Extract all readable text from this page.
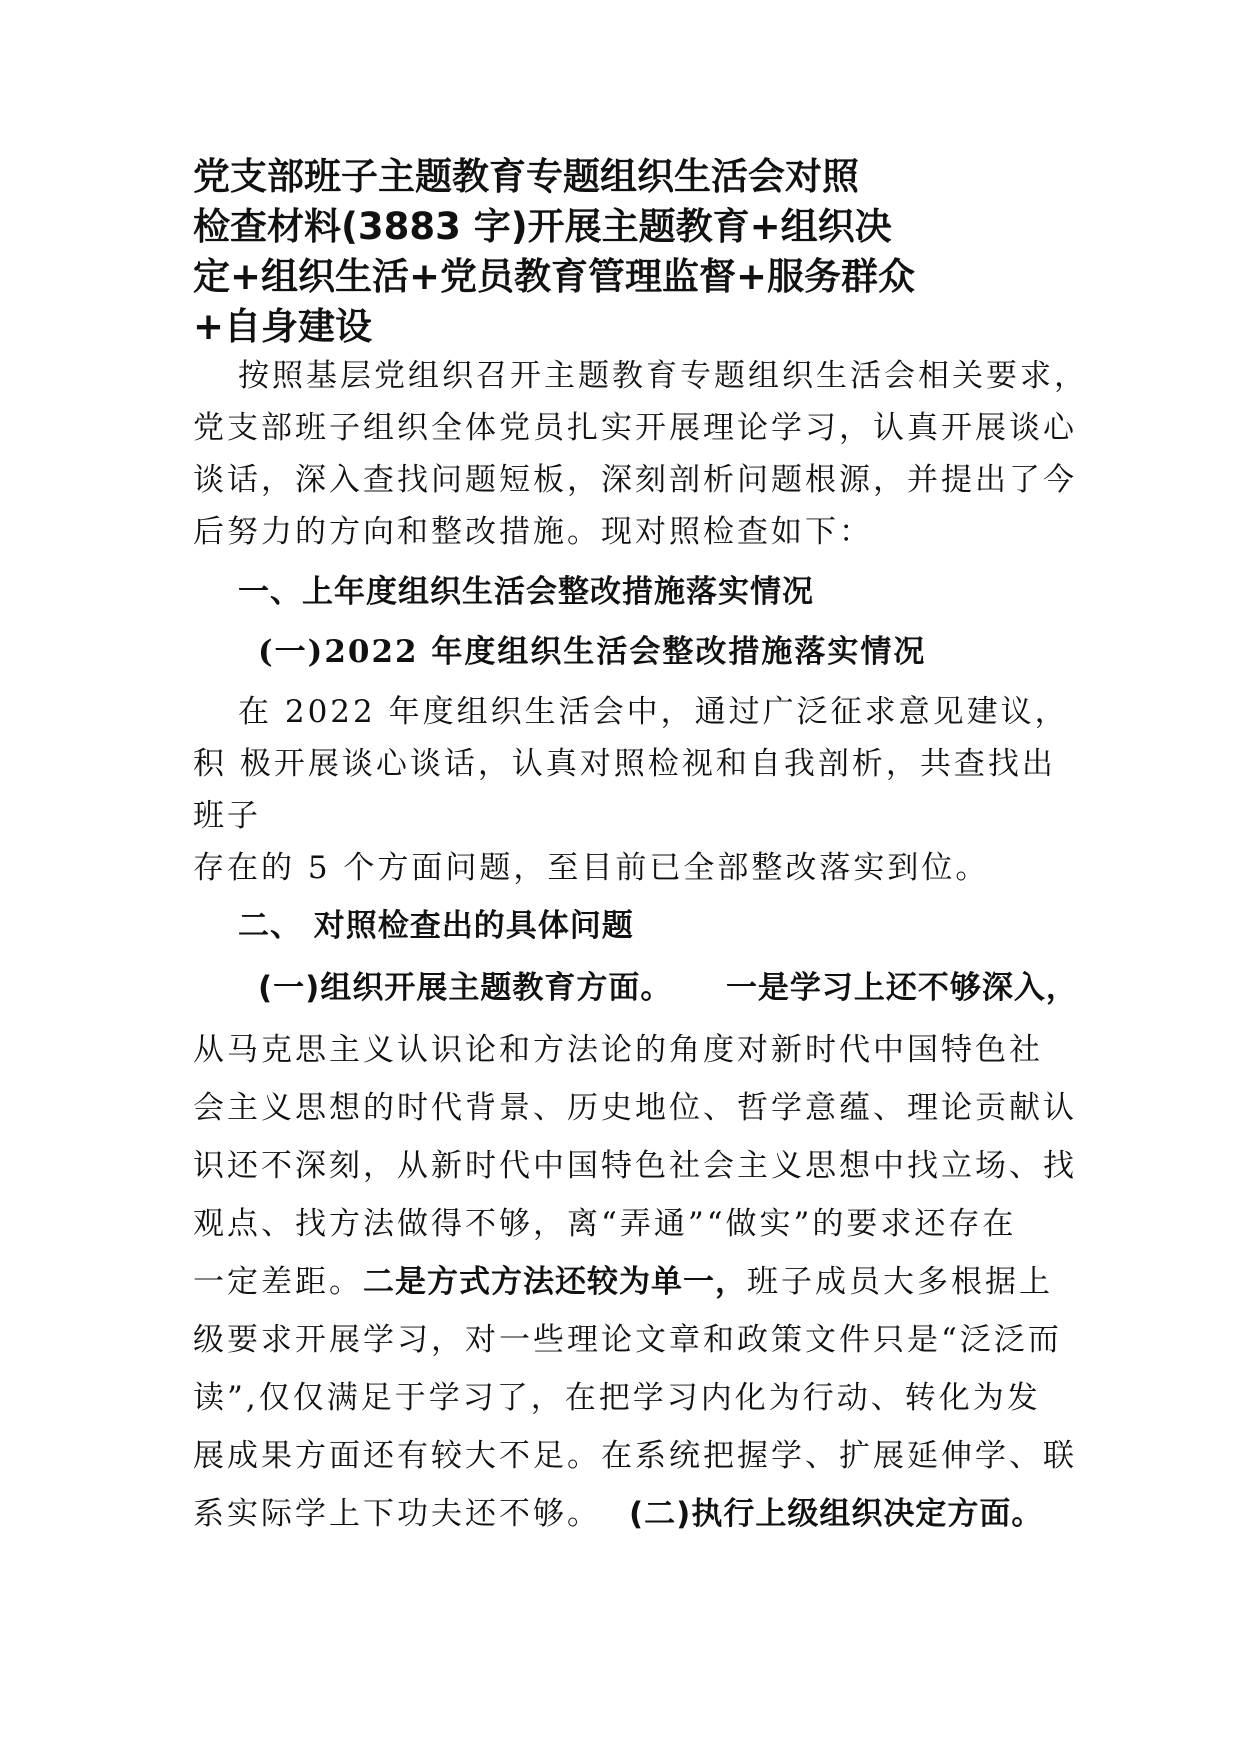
党支部班子主题教育专题组织生活会对照
检查材料(3883 字)开展主题教育+组织决
定+组织生活+党员教育管理监督+服务群众
+自身建设
按照基层党组织召开主题教育专题组织生活会相关要求，
党支部班子组织全体党员扎实开展理论学习，认真开展谈心
谈话，深入查找问题短板，深刻剖析问题根源，并提出了今
后努力的方向和整改措施。现对照检查如下：
一、上年度组织生活会整改措施落实情况
(一)2022 年度组织生活会整改措施落实情况
在 2022 年度组织生活会中，通过广泛征求意见建议，
积 极开展谈心谈话，认真对照检视和自我剖析，共查找出
班子
存在的 5 个方面问题，至目前已全部整改落实到位。
二、 对照检查出的具体问题
(一)组织开展主题教育方面。 一是学习上还不够深入，
从马克思主义认识论和方法论的角度对新时代中国特色社
会主义思想的时代背景、历史地位、哲学意蕴、理论贡献认
识还不深刻，从新时代中国特色社会主义思想中找立场、找
观点、找方法做得不够，离“弄通”“做实”的要求还存在
一定差距。二是方式方法还较为单一，班子成员大多根据上
级要求开展学习，对一些理论文章和政策文件只是“泛泛而
读”,仅仅满足于学习了，在把学习内化为行动、转化为发
展成果方面还有较大不足。在系统把握学、扩展延伸学、联
系实际学上下功夫还不够。 (二)执行上级组织决定方面。
